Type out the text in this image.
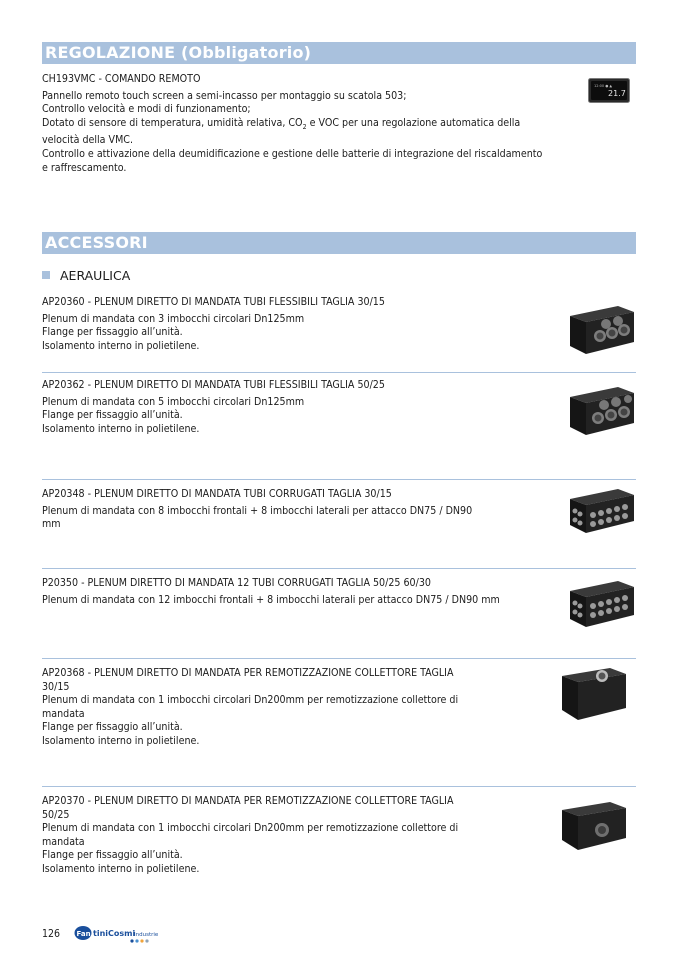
REGOLAZIONE (Obbligatorio)
CH193VMC - COMANDO REMOTO
Pannello remoto touch screen a semi-incasso per montaggio su scatola 503;
Controllo velocità e modi di funzionamento;
Dotato di sensore di temperatura, umidità relativa, $CO_2$ e VOC per una regolazione automatica della
velocità della VMC.
Controllo e attivazione della deumidificazione e gestione delle batterie di integrazione del riscaldamento
e raffrescamento.
12:00 ● ▲
21.7
ACCESSORI
AERAULICA
AP20360 - PLENUM DIRETTO DI MANDATA TUBI FLESSIBILI TAGLIA 30/15
Plenum di mandata con 3 imbocchi circolari Dn125mm
Flange per fissaggio all’unità.
Isolamento interno in polietilene.
AP20362 - PLENUM DIRETTO DI MANDATA TUBI FLESSIBILI TAGLIA 50/25
Plenum di mandata con 5 imbocchi circolari Dn125mm
Flange per fissaggio all’unità.
Isolamento interno in polietilene.
AP20348 - PLENUM DIRETTO DI MANDATA TUBI CORRUGATI TAGLIA 30/15
Plenum di mandata con 8 imbocchi frontali + 8 imbocchi laterali per attacco DN75 / DN90
mm
P20350 - PLENUM DIRETTO DI MANDATA 12 TUBI CORRUGATI TAGLIA 50/25 60/30
Plenum di mandata con 12 imbocchi frontali + 8 imbocchi laterali per attacco DN75 / DN90 mm
AP20368 - PLENUM DIRETTO DI MANDATA PER REMOTIZZAZIONE COLLETTORE TAGLIA
30/15
Plenum di mandata con 1 imbocchi circolari Dn200mm per remotizzazione collettore di
mandata
Flange per fissaggio all’unità.
Isolamento interno in polietilene.
AP20370 - PLENUM DIRETTO DI MANDATA PER REMOTIZZAZIONE COLLETTORE TAGLIA
50/25
Plenum di mandata con 1 imbocchi circolari Dn200mm per remotizzazione collettore di
mandata
Flange per fissaggio all’unità.
Isolamento interno in polietilene.
126 Fan tiniCosmi
Industrie
